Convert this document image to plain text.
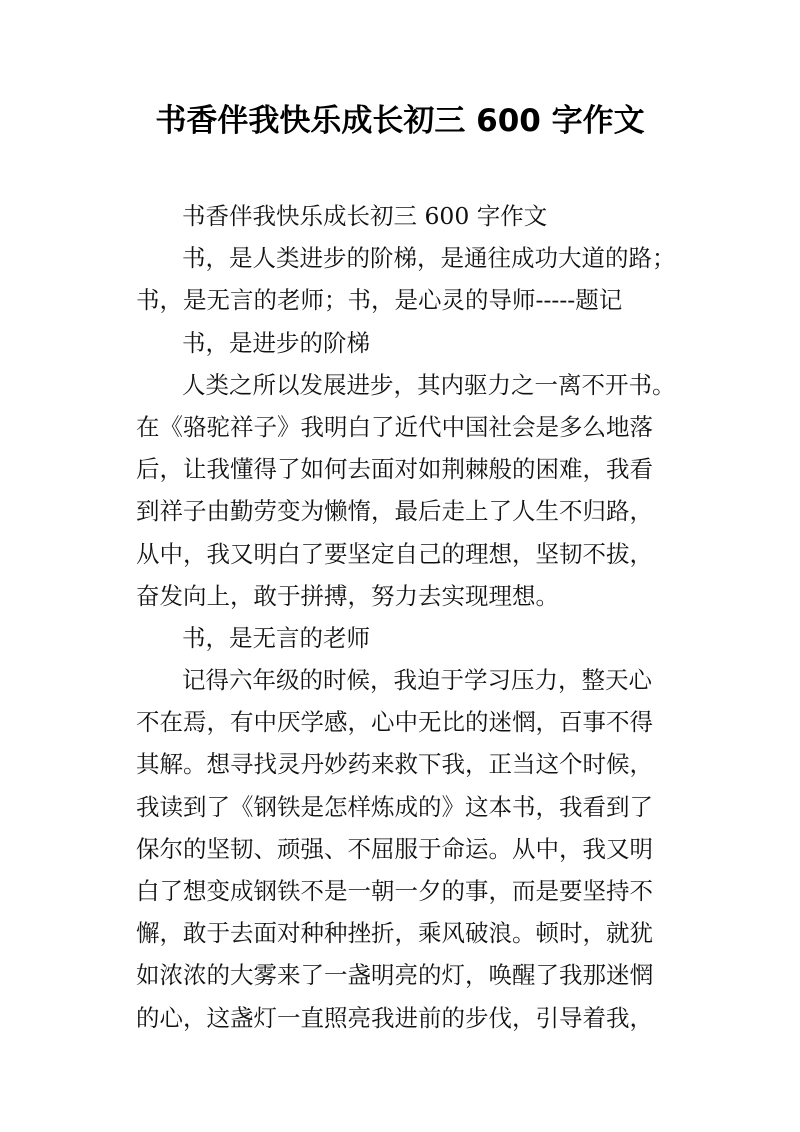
书香伴我快乐成长初三 600 字作文
书香伴我快乐成长初三 600 字作文
书，是人类进步的阶梯，是通往成功大道的路；
书，是无言的老师；书，是心灵的导师-----题记
书，是进步的阶梯
人类之所以发展进步，其内驱力之一离不开书。
在《骆驼祥子》我明白了近代中国社会是多么地落
后，让我懂得了如何去面对如荆棘般的困难，我看
到祥子由勤劳变为懒惰，最后走上了人生不归路，
从中，我又明白了要坚定自己的理想，坚韧不拔，
奋发向上，敢于拼搏，努力去实现理想。
书，是无言的老师
记得六年级的时候，我迫于学习压力，整天心
不在焉，有中厌学感，心中无比的迷惘，百事不得
其解。想寻找灵丹妙药来救下我，正当这个时候，
我读到了《钢铁是怎样炼成的》这本书，我看到了
保尔的坚韧、顽强、不屈服于命运。从中，我又明
白了想变成钢铁不是一朝一夕的事，而是要坚持不
懈，敢于去面对种种挫折，乘风破浪。顿时，就犹
如浓浓的大雾来了一盏明亮的灯，唤醒了我那迷惘
的心，这盏灯一直照亮我进前的步伐，引导着我，
